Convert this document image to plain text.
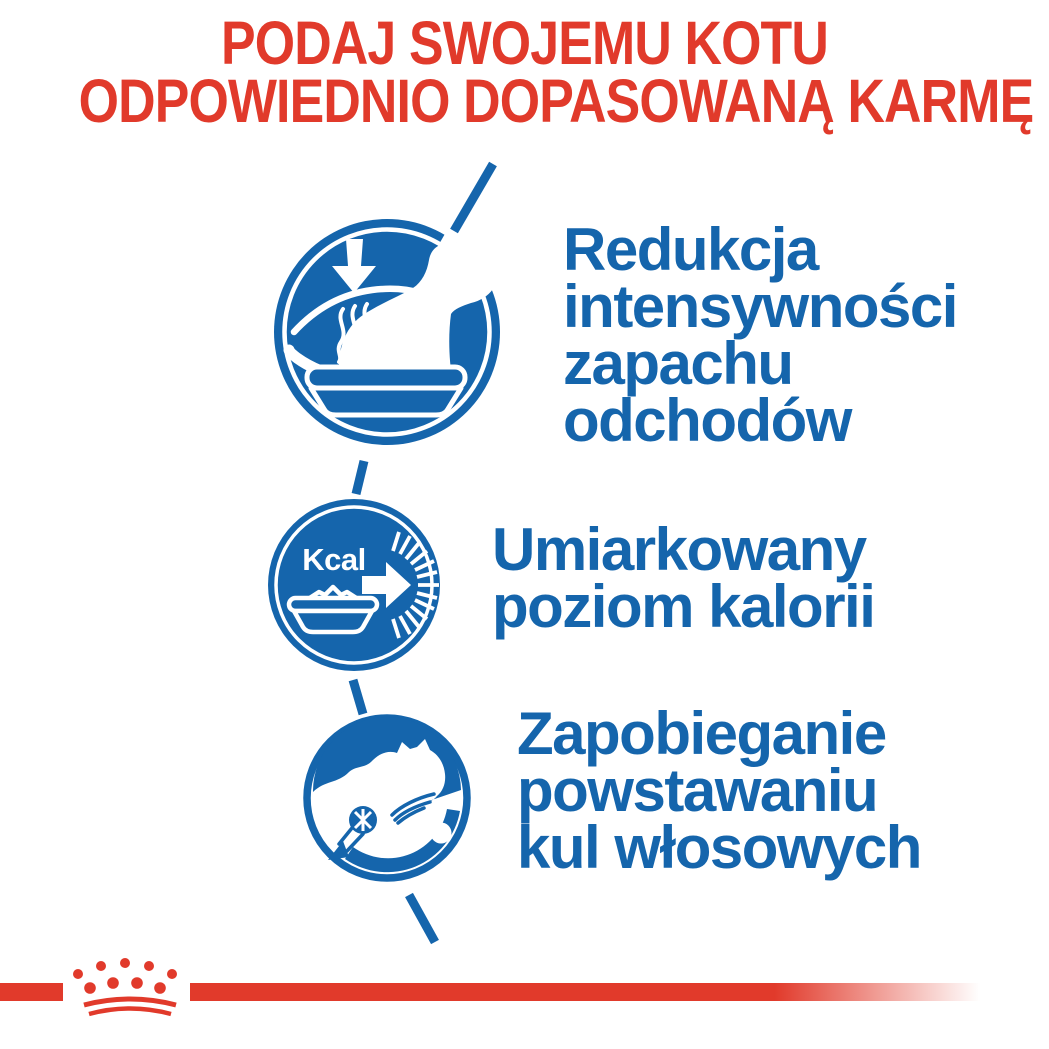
PODAJ SWOJEMU KOTU
ODPOWIEDNIO DOPASOWANĄ KARMĘ
Redukcja
intensywności
zapachu
odchodów
Kcal Umiarkowany
poziom kalorii
Zapobieganie
powstawaniu
kul włosowych
